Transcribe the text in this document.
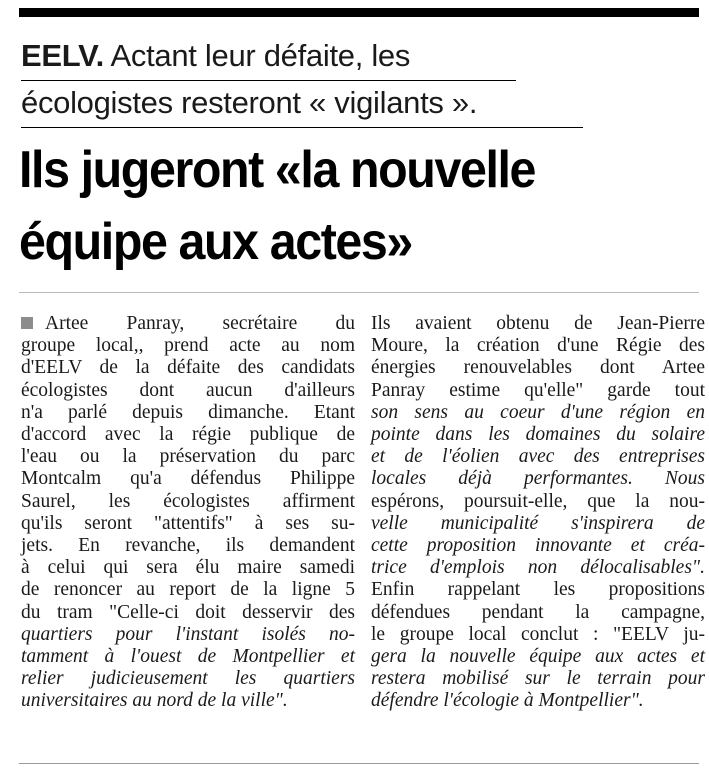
EELV. Actant leur défaite, les
écologistes resteront « vigilants ».
Ils jugeront «la nouvelle
équipe aux actes»
Artee Panray, secrétaire du
groupe local,, prend acte au nom
d'EELV de la défaite des candidats
écologistes dont aucun d'ailleurs
n'a parlé depuis dimanche. Etant
d'accord avec la régie publique de
l'eau ou la préservation du parc
Montcalm qu'a défendus Philippe
Saurel, les écologistes affirment
qu'ils seront "attentifs" à ses su-
jets. En revanche, ils demandent
à celui qui sera élu maire samedi
de renoncer au report de la ligne 5
du tram "Celle-ci doit desservir des
quartiers pour l'instant isolés no-
tamment à l'ouest de Montpellier et
relier judicieusement les quartiers
universitaires au nord de la ville".
Ils avaient obtenu de Jean-Pierre
Moure, la création d'une Régie des
énergies renouvelables dont Artee
Panray estime qu'elle" garde tout
son sens au coeur d'une région en
pointe dans les domaines du solaire
et de l'éolien avec des entreprises
locales déjà performantes. Nous
espérons, poursuit-elle, que la nou-
velle municipalité s'inspirera de
cette proposition innovante et créa-
trice d'emplois non délocalisables".
Enfin rappelant les propositions
défendues pendant la campagne,
le groupe local conclut : "EELV ju-
gera la nouvelle équipe aux actes et
restera mobilisé sur le terrain pour
défendre l'écologie à Montpellier".
